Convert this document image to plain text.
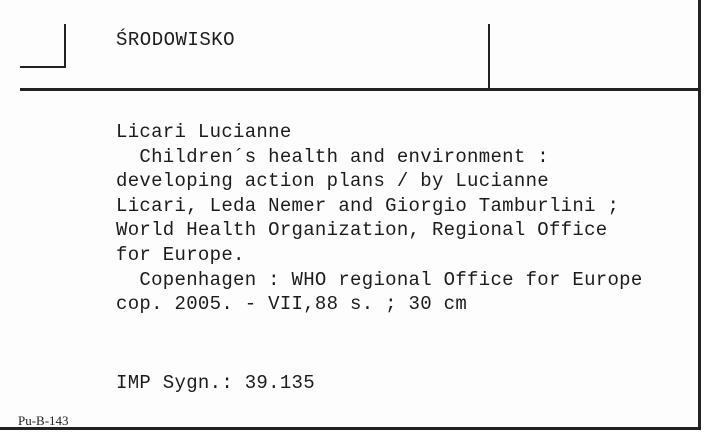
ŚRODOWISKO
Licari Lucianne
Children´s health and environment :
developing action plans / by Lucianne
Licari, Leda Nemer and Giorgio Tamburlini ;
World Health Organization, Regional Office
for Europe.
Copenhagen : WHO regional Office for Europe
cop. 2005. - VII,88 s. ; 30 cm
IMP Sygn.: 39.135
Pu-B-143
